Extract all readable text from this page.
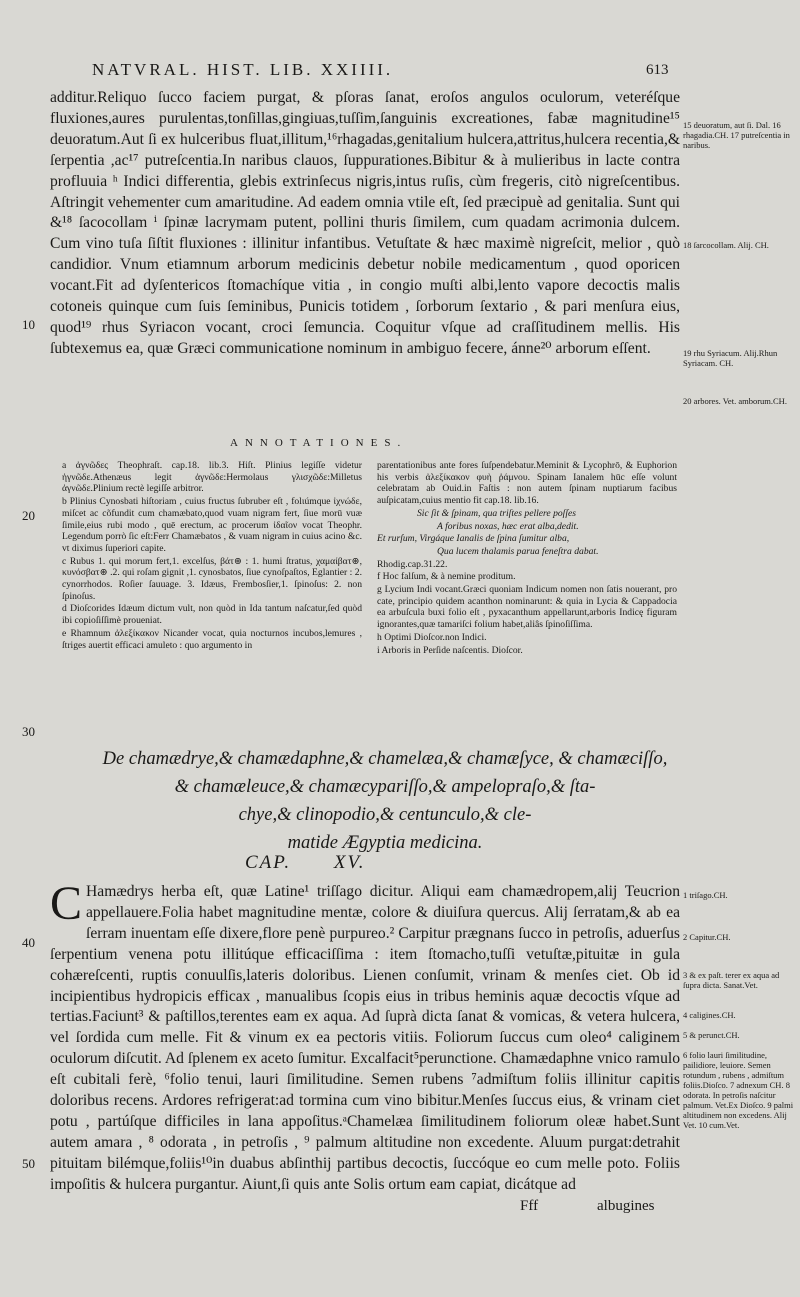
NATVRAL. HIST. LIB. XXIIII.	613

additur.Reliquo ſucco faciem purgat, & pſoras ſanat, eroſos angulos oculorum, veteréſque fluxiones,aures purulentas,tonſillas,gingiuas,tuſſim,ſanguinis excreationes, fabæ magnitudine¹⁵ deuoratum.Aut ſi ex hulceribus fluat,illitum,¹⁶rhagadas,genitalium hulcera,attritus,hulcera recentia,& ſerpentia ,ac¹⁷ putreſcentia.In naribus clauos, ſuppurationes.Bibitur & à mulieribus in lacte contra profluuia ʰ Indici differentia, glebis extrinſecus nigris,intus ruſis, cùm fregeris, citò nigreſcentibus. Aſtringit vehementer cum amaritudine. Ad eadem omnia vtile eſt, ſed præcipuè ad genitalia. Sunt qui &¹⁸ ſacocollam ⁱ ſpinæ lacrymam putent, pollini thuris ſimilem, cum quadam acrimonia dulcem. Cum vino tuſa ſiſtit fluxiones : illinitur infantibus. Vetuſtate & hæc maximè nigreſcit, melior , quò candidior. Vnum etiamnum arborum medicinis debetur nobile medicamentum , quod oporicen vocant.Fit ad dyſentericos ſtomachíque vitia , in congio muſti albi,lento vapore decoctis malis cotoneis quinque cum ſuis ſeminibus, Punicis totidem , ſorborum ſextario , & pari menſura eius, quod¹⁹ rhus Syriacon vocant, croci ſemuncia. Coquitur vſque ad craſſitudinem mellis. His ſubtexemus ea, quæ Græci communicatione nominum in ambiguo fecere, ánne²⁰ arborum eſſent.

10
20
30
40
50
15 deuoratum, aut ſi. Dal. 16 rhagadia.CH. 17 putreſcentia in naribus.
18 ſarcocollam. Alij. CH.
19 rhu Syriacum. Alij.Rhun Syriacam. CH.
20 arbores. Vet. amborum.CH.
ANNOTATIONES.

a ἀγνῶδες Theophraſt. cap.18. lib.3. Hiſt. Plinius legiſſe videtur ἠγνῶδε.Athenæus legit ἀγνῶδε:Hermolaus γλισχῶδε:Milletus ἀγνῶδε.Plinium rectè legiſſe arbitror.

b Plinius Cynosbati hiſtoriam , cuius fructus ſubruber eſt , folιúmque ἰχνώδε, miſcet ac cõfundit cum chamæbato,quod vuam nigram fert, ſiue morū vuæ ſimile,eius rubi modo , quē erectum, ac procerum ἰδαῖον vocat Theophr. Legendum porrò ſic eſt:Ferr Chamæbatos , & vuam nigram in cuius acino &c. vt diximus ſuperiori capite.

c Rubus 1. qui morum fert,1. excelſus, βάτ⊛ : 1. humi ſtratus, χαμαίβατ⊛, κυνόσβατ⊛ .2. qui roſam gignit ,1. cynosbatos, ſiue cynoſpaſtos, Eglantier : 2. cynorrhodos. Roſier ſauuage. 3. Idæus, Frembosſier,1. ſpinoſus: 2. non ſpinoſus.

d Dioſcorides Idæum dictum vult, non quòd in Ida tantum naſcatur,ſed quòd ibi copioſiſſimè proueniat.

e Rhamnum ἀλεξίκακον Nicander vocat, quia nocturnos incubos,lemures , ſtriges auertit efficaci amuleto : quo argumento in

parentationibus ante fores ſuſpendebatur.Meminit & Lycophrō, & Euphorion his verbis ἀλεξίκακον φυὴ ῥάμνου. Spinam Ianalem hūc eſſe volunt celebratam ab Ouid.in Faſtis : non autem ſpinam nuptiarum facibus auſpicatam,cuius mentio fit cap.18. lib.16.

Sic ſit & ſpinam, qua triſtes pellere poſſes

A foribus noxas, hæc erat alba,dedit.

Et rurſum, Virgáque Ianalis de ſpina ſumitur alba,

Qua lucem thalamis parua feneſtra dabat.

Rhodig.cap.31.22.

f Hoc falſum, & à nemine proditum.

g Lycium Indi vocant.Græci quoniam Indicum nomen non ſatis nouerant, pro cate, principio quidem acanthon nominarunt: & quia in Lycia & Cappadocia ea arbuſcula buxi folio eſt , pyxacanthum appellarunt,arboris Indicę figuram ignorantes,quæ tamariſci folium habet,aliâs ſpinoſiſſima.

h Optimi Dioſcor.non Indici.

i Arboris in Perſide naſcentis. Dioſcor.

De chamædrye,& chamædaphne,& chamelæa,& chamæſyce, & chamæciſſo,
& chamæleuce,& chamæcypariſſo,& ampelopraſo,& ſta-
chye,& clinopodio,& centunculo,& cle-
matide Ægyptia medicina.
CAP. XV.
C Hamædrys herba eſt, quæ Latine¹ triſſago dicitur. Aliqui eam chamædropem,alij Teucrion appellauere.Folia habet magnitudine mentæ, colore & diuiſura quercus. Alij ſerratam,& ab ea ſerram inuentam eſſe dixere,flore penè purpureo.² Carpitur prægnans ſucco in petroſis, aduerſus ſerpentium venena potu illitúque efficaciſſima : item ſtomacho,tuſſi vetuſtæ,pituitæ in gula cohæreſcenti, ruptis conuulſis,lateris doloribus. Lienen conſumit, vrinam & menſes ciet. Ob id incipientibus hydropicis efficax , manualibus ſcopis eius in tribus heminis aquæ decoctis vſque ad tertias.Faciunt³ & paſtillos,terentes eam ex aqua. Ad ſuprà dicta ſanat & vomicas, & vetera hulcera, vel ſordida cum melle. Fit & vinum ex ea pectoris vitiis. Foliorum ſuccus cum oleo⁴ caliginem oculorum diſcutit. Ad ſplenem ex aceto ſumitur. Excalfacit⁵perunctione. Chamædaphne vnico ramulo eſt cubitali ferè, ⁶folio tenui, lauri ſimilitudine. Semen rubens ⁷admiſtum foliis illinitur capitis doloribus recens. Ardores refrigerat:ad tormina cum vino bibitur.Menſes ſuccus eius, & vrinam ciet potu , partúſque difficiles in lana appoſitus.ᵃChamelæa ſimilitudinem foliorum oleæ habet.Sunt autem amara , ⁸ odorata , in petroſis , ⁹ palmum altitudine non excedente. Aluum purgat:detrahit pituitam bilémque,foliis¹⁰in duabus abſinthij partibus decoctis, ſuccóque eo cum melle poto. Foliis impoſitis & hulcera purgantur. Aiunt,ſi quis ante Solis ortum eam capiat, dicátque ad

1 triſago.CH.
2 Capitur.CH.
3 & ex paſt. terer ex aqua ad ſupra dicta. Sanat.Vet.
4 caligines.CH.
5 & perunct.CH.
6 folio lauri ſimilitudine, pailidiore, leuiore. Semen rotundum , rubens , admiſtum foliis.Dioſco. 7 adnexum CH. 8 odorata. In petroſis naſcitur palmum. Vet.Ex Dioſco. 9 palmi altitudinem non excedens. Alij Vet. 10 cum.Vet.
Fff	albugines
